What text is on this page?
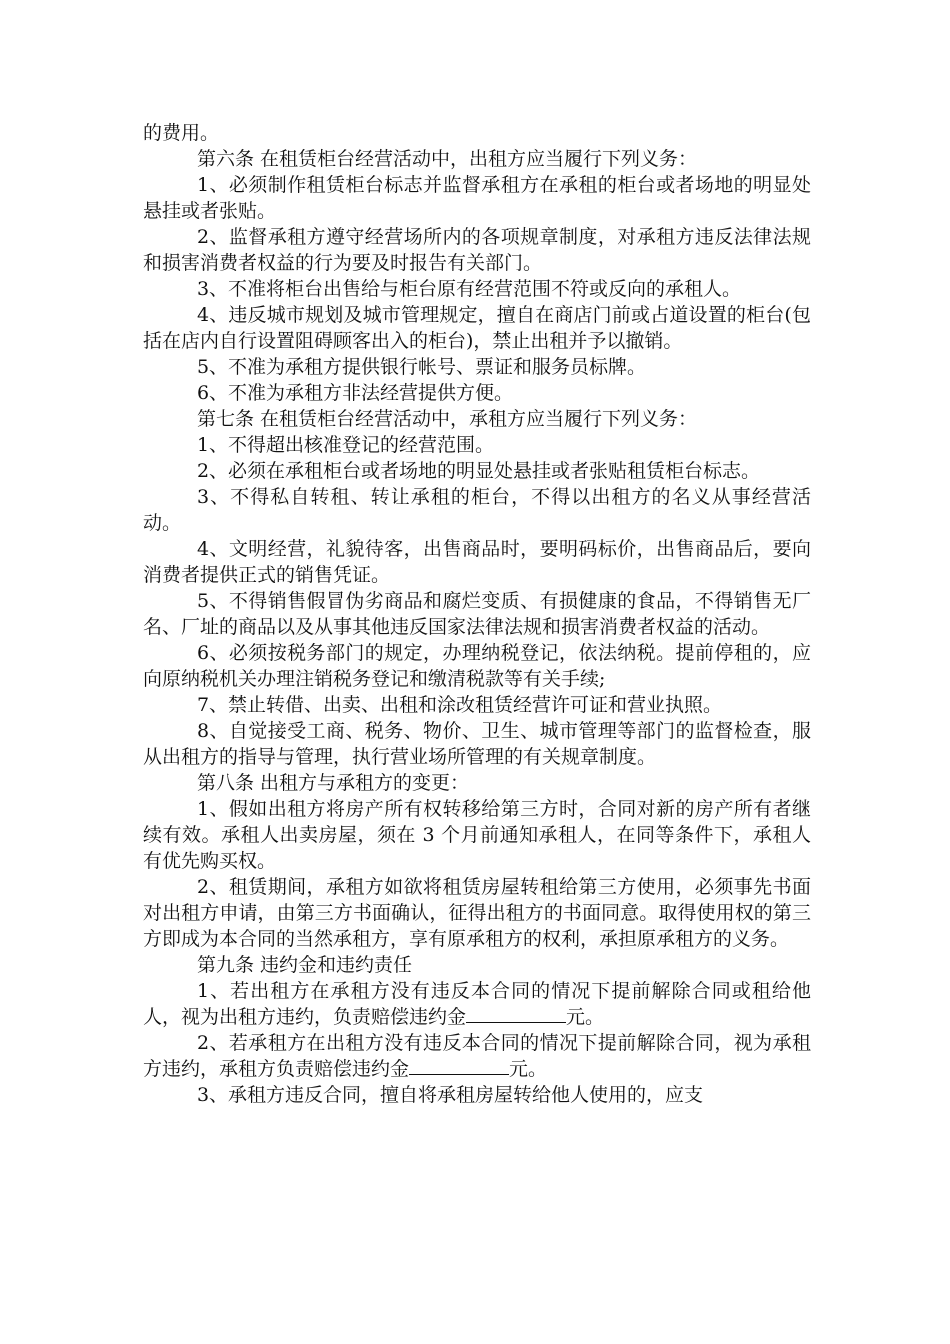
的费用。

第六条 在租赁柜台经营活动中，出租方应当履行下列义务：

1、必须制作租赁柜台标志并监督承租方在承租的柜台或者场地的明显处悬挂或者张贴。

2、监督承租方遵守经营场所内的各项规章制度，对承租方违反法律法规和损害消费者权益的行为要及时报告有关部门。

3、不准将柜台出售给与柜台原有经营范围不符或反向的承租人。

4、违反城市规划及城市管理规定，擅自在商店门前或占道设置的柜台(包括在店内自行设置阻碍顾客出入的柜台)，禁止出租并予以撤销。

5、不准为承租方提供银行帐号、票证和服务员标牌。

6、不准为承租方非法经营提供方便。

第七条 在租赁柜台经营活动中，承租方应当履行下列义务：

1、不得超出核准登记的经营范围。

2、必须在承租柜台或者场地的明显处悬挂或者张贴租赁柜台标志。

3、不得私自转租、转让承租的柜台，不得以出租方的名义从事经营活动。

4、文明经营，礼貌待客，出售商品时，要明码标价，出售商品后，要向消费者提供正式的销售凭证。

5、不得销售假冒伪劣商品和腐烂变质、有损健康的食品，不得销售无厂名、厂址的商品以及从事其他违反国家法律法规和损害消费者权益的活动。

6、必须按税务部门的规定，办理纳税登记，依法纳税。提前停租的，应向原纳税机关办理注销税务登记和缴清税款等有关手续;

7、禁止转借、出卖、出租和涂改租赁经营许可证和营业执照。

8、自觉接受工商、税务、物价、卫生、城市管理等部门的监督检查，服从出租方的指导与管理，执行营业场所管理的有关规章制度。

第八条 出租方与承租方的变更：

1、假如出租方将房产所有权转移给第三方时，合同对新的房产所有者继续有效。承租人出卖房屋，须在 3 个月前通知承租人，在同等条件下，承租人有优先购买权。

2、租赁期间，承租方如欲将租赁房屋转租给第三方使用，必须事先书面对出租方申请，由第三方书面确认，征得出租方的书面同意。取得使用权的第三方即成为本合同的当然承租方，享有原承租方的权利，承担原承租方的义务。

第九条 违约金和违约责任

1、若出租方在承租方没有违反本合同的情况下提前解除合同或租给他人，视为出租方违约，负责赔偿违约金	元。

2、若承租方在出租方没有违反本合同的情况下提前解除合同，视为承租方违约，承租方负责赔偿违约金	元。

3、承租方违反合同，擅自将承租房屋转给他人使用的，应支
